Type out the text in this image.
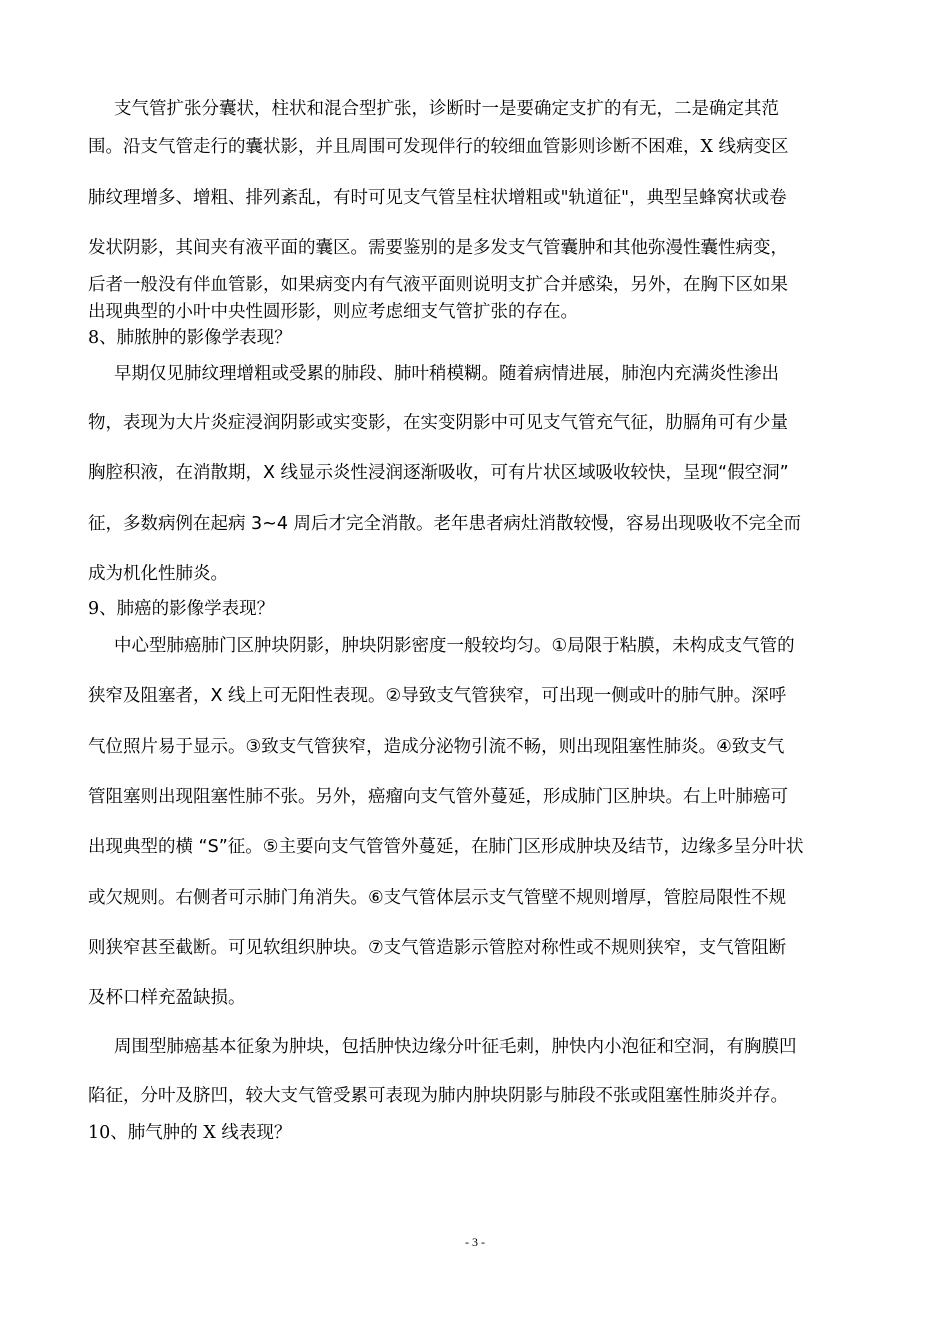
支气管扩张分囊状，柱状和混合型扩张，诊断时一是要确定支扩的有无，二是确定其范
围。沿支气管走行的囊状影，并且周围可发现伴行的较细血管影则诊断不困难，X 线病变区
肺纹理增多、增粗、排列紊乱，有时可见支气管呈柱状增粗或"轨道征"，典型呈蜂窝状或卷
发状阴影，其间夹有液平面的囊区。需要鉴别的是多发支气管囊肿和其他弥漫性囊性病变，
后者一般没有伴血管影，如果病变内有气液平面则说明支扩合并感染，另外，在胸下区如果
出现典型的小叶中央性圆形影，则应考虑细支气管扩张的存在。
8、肺脓肿的影像学表现？
早期仅见肺纹理增粗或受累的肺段、肺叶稍模糊。随着病情进展，肺泡内充满炎性渗出
物，表现为大片炎症浸润阴影或实变影，在实变阴影中可见支气管充气征，肋膈角可有少量
胸腔积液，在消散期，X 线显示炎性浸润逐渐吸收，可有片状区域吸收较快，呈现“假空洞”
征，多数病例在起病 3~4 周后才完全消散。老年患者病灶消散较慢，容易出现吸收不完全而
成为机化性肺炎。
9、肺癌的影像学表现？
中心型肺癌肺门区肿块阴影，肿块阴影密度一般较均匀。①局限于粘膜，未构成支气管的
狭窄及阻塞者，X 线上可无阳性表现。②导致支气管狭窄，可出现一侧或叶的肺气肿。深呼
气位照片易于显示。③致支气管狭窄，造成分泌物引流不畅，则出现阻塞性肺炎。④致支气
管阻塞则出现阻塞性肺不张。另外，癌瘤向支气管外蔓延，形成肺门区肿块。右上叶肺癌可
出现典型的横 “S”征。⑤主要向支气管管外蔓延，在肺门区形成肿块及结节，边缘多呈分叶状
或欠规则。右侧者可示肺门角消失。⑥支气管体层示支气管壁不规则增厚，管腔局限性不规
则狭窄甚至截断。可见软组织肿块。⑦支气管造影示管腔对称性或不规则狭窄，支气管阻断
及杯口样充盈缺损。
周围型肺癌基本征象为肿块，包括肿快边缘分叶征毛刺，肿快内小泡征和空洞，有胸膜凹
陷征，分叶及脐凹，较大支气管受累可表现为肺内肿块阴影与肺段不张或阻塞性肺炎并存。
10、肺气肿的 X 线表现？
- 3 -
